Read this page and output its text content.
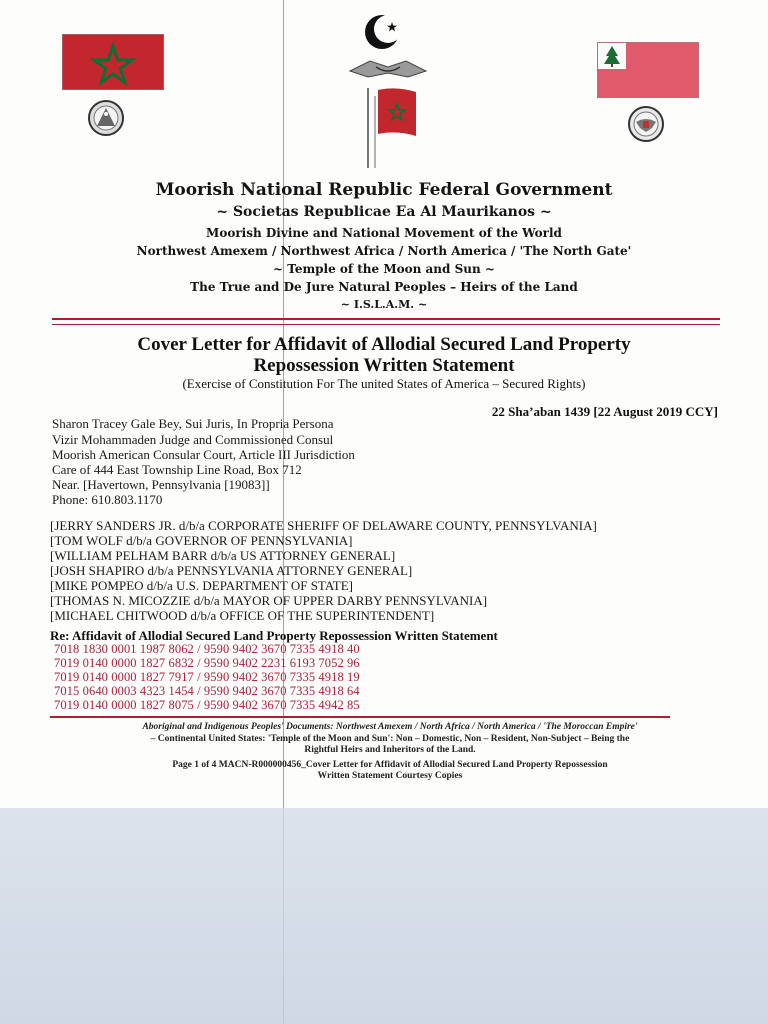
Moorish National Republic Federal Government
~ Societas Republicae Ea Al Maurikanos ~
Moorish Divine and National Movement of the World
Northwest Amexem / Northwest Africa / North America / 'The North Gate'
~ Temple of the Moon and Sun ~
The True and De Jure Natural Peoples – Heirs of the Land
~ I.S.L.A.M. ~
Cover Letter for Affidavit of Allodial Secured Land Property
Repossession Written Statement
(Exercise of Constitution For The united States of America – Secured Rights)
22 Sha’aban 1439 [22 August 2019 CCY]
Sharon Tracey Gale Bey, Sui Juris, In Propria Persona
Vizir Mohammaden Judge and Commissioned Consul
Moorish American Consular Court, Article III Jurisdiction
Care of 444 East Township Line Road, Box 712
Near. [Havertown, Pennsylvania [19083]]
Phone: 610.803.1170
[JERRY SANDERS JR. d/b/a CORPORATE SHERIFF OF DELAWARE COUNTY, PENNSYLVANIA]
[TOM WOLF d/b/a GOVERNOR OF PENNSYLVANIA]
[WILLIAM PELHAM BARR d/b/a US ATTORNEY GENERAL]
[JOSH SHAPIRO d/b/a PENNSYLVANIA ATTORNEY GENERAL]
[MIKE POMPEO d/b/a U.S. DEPARTMENT OF STATE]
[THOMAS N. MICOZZIE d/b/a MAYOR OF UPPER DARBY PENNSYLVANIA]
[MICHAEL CHITWOOD d/b/a OFFICE OF THE SUPERINTENDENT]
Re: Affidavit of Allodial Secured Land Property Repossession Written Statement
7018 1830 0001 1987 8062 / 9590 9402 3670 7335 4918 40
7019 0140 0000 1827 6832 / 9590 9402 2231 6193 7052 96
7019 0140 0000 1827 7917 / 9590 9402 3670 7335 4918 19
7015 0640 0003 4323 1454 / 9590 9402 3670 7335 4918 64
7019 0140 0000 1827 8075 / 9590 9402 3670 7335 4942 85
Aboriginal and Indigenous Peoples' Documents: Northwest Amexem / North Africa / North America / 'The Moroccan Empire'
– Continental United States: 'Temple of the Moon and Sun': Non – Domestic, Non – Resident, Non-Subject – Being the
Rightful Heirs and Inheritors of the Land.
Page 1 of 4 MACN-R000000456_Cover Letter for Affidavit of Allodial Secured Land Property Repossession
Written Statement Courtesy Copies
